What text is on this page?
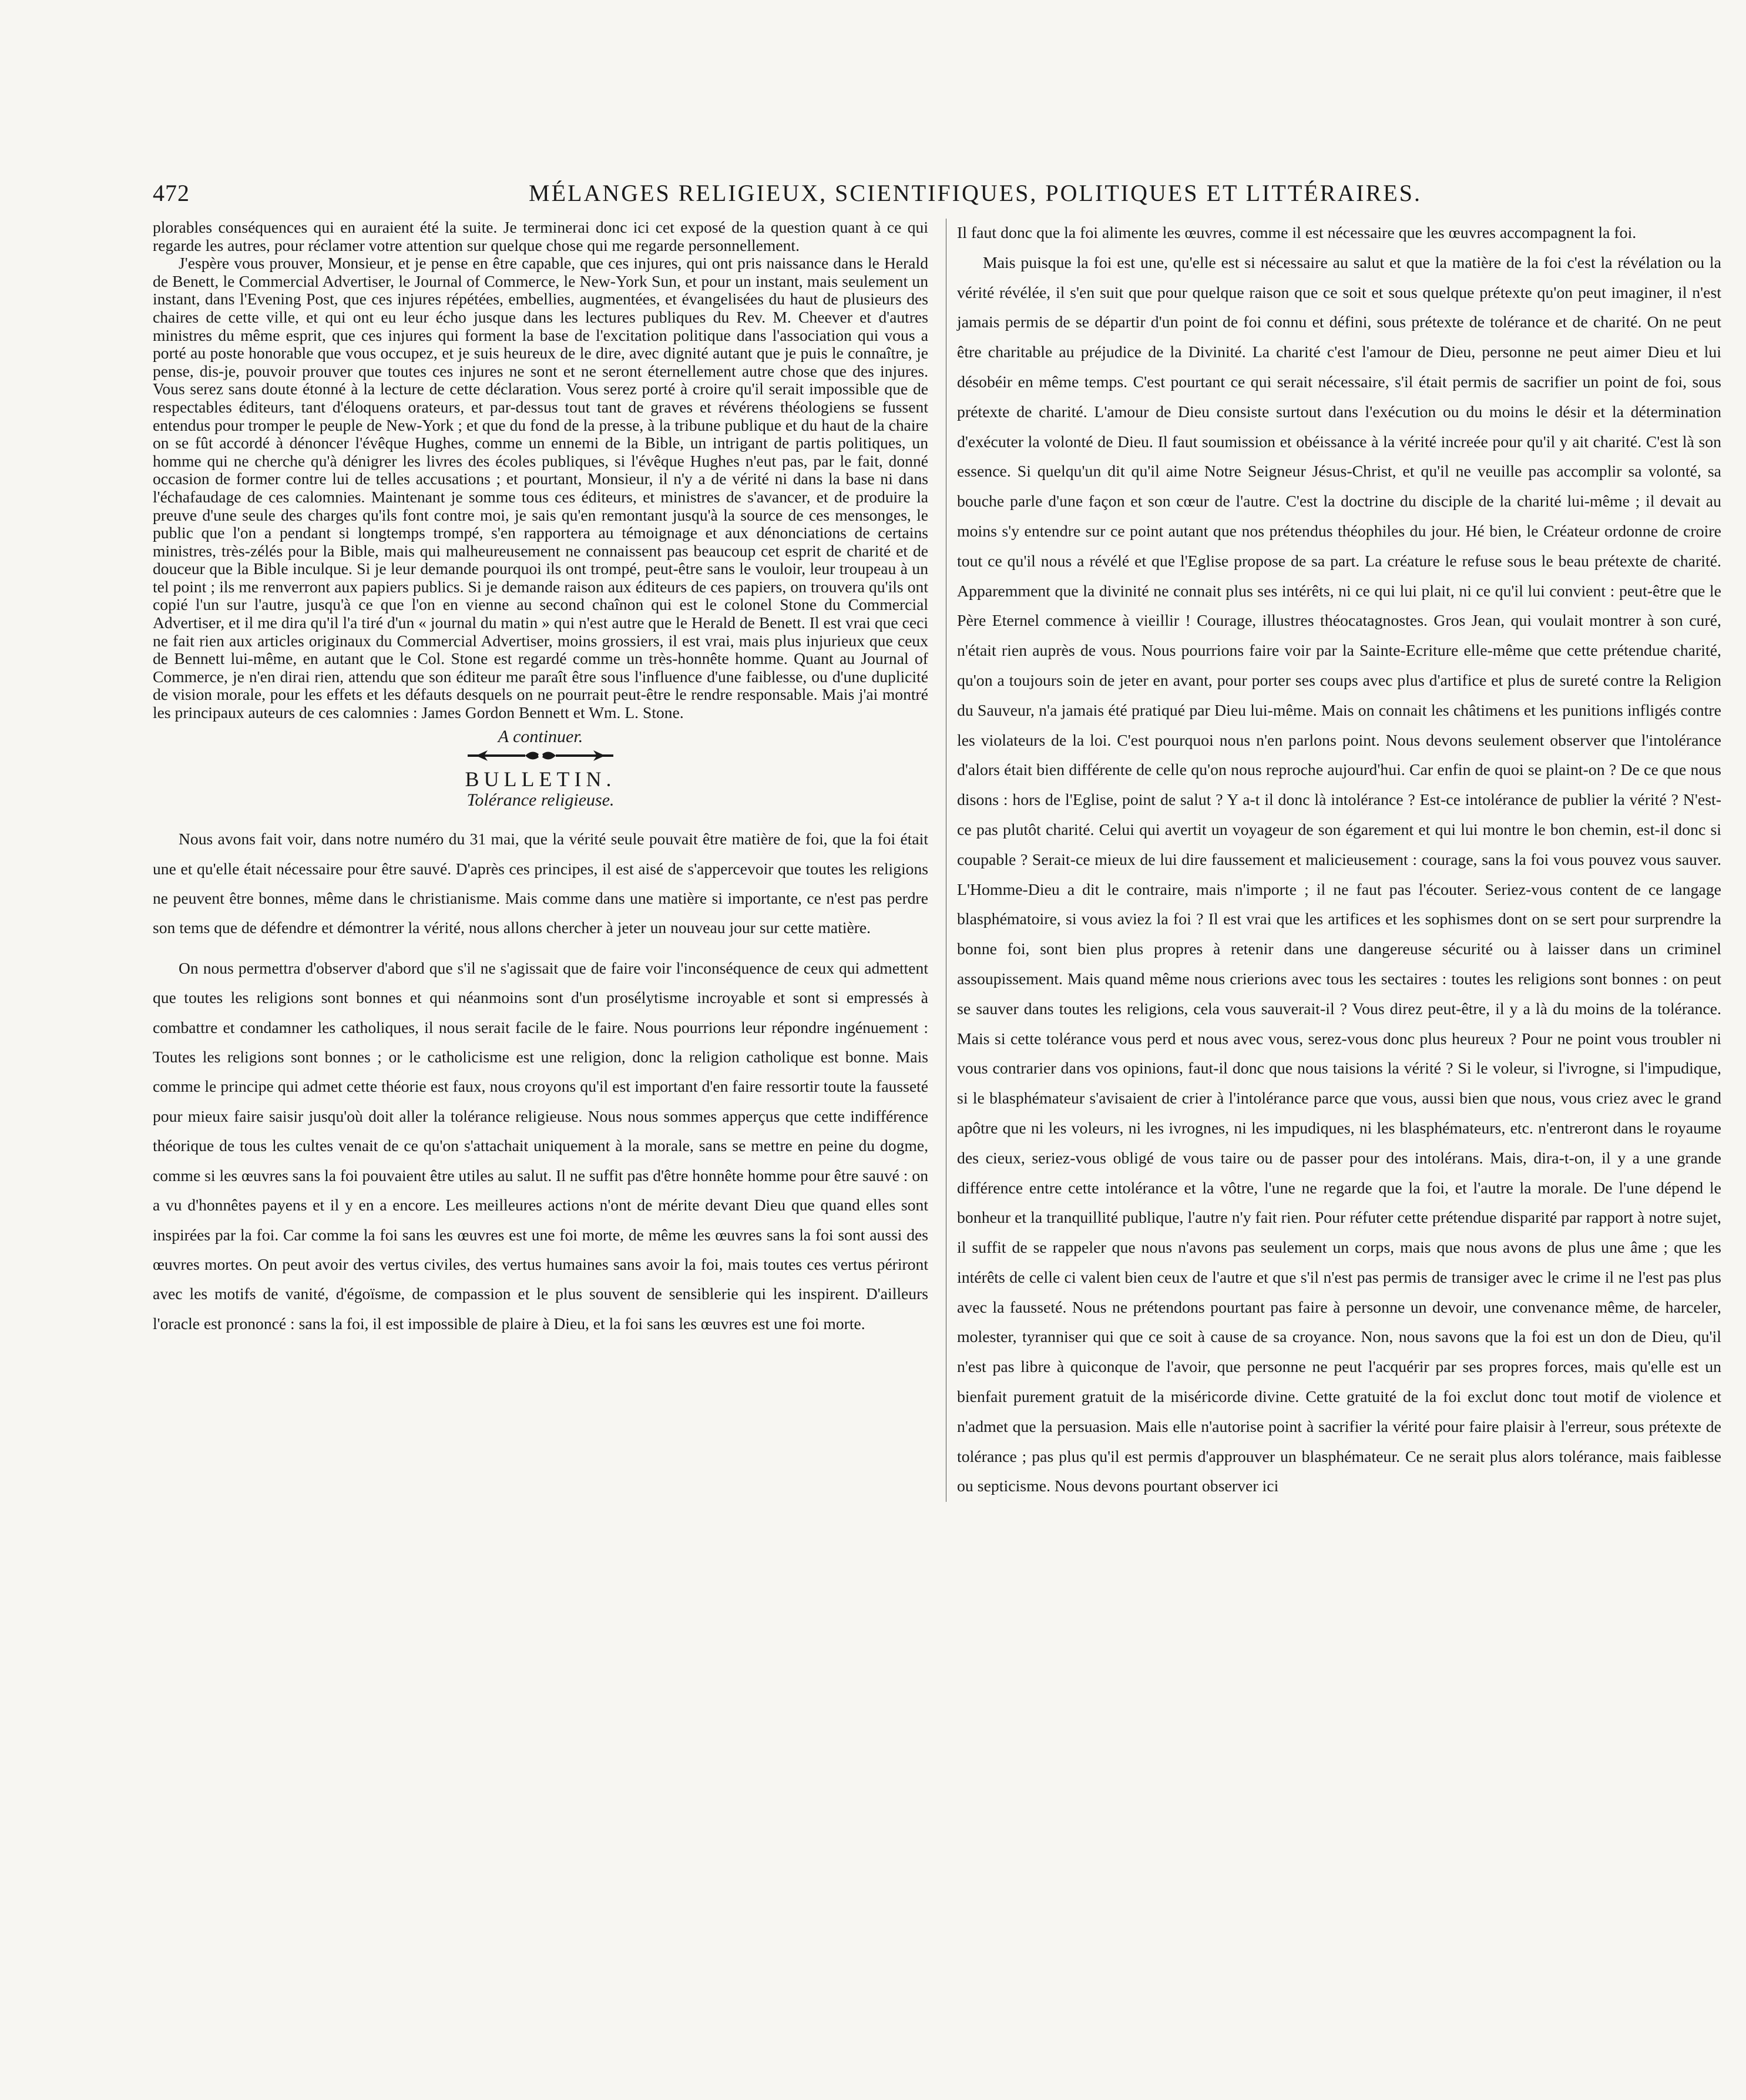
472	MÉLANGES RELIGIEUX, SCIENTIFIQUES, POLITIQUES ET LITTÉRAIRES.

plorables conséquences qui en auraient été la suite. Je terminerai donc ici cet exposé de la question quant à ce qui regarde les autres, pour réclamer votre attention sur quelque chose qui me regarde personnellement.

J'espère vous prouver, Monsieur, et je pense en être capable, que ces injures, qui ont pris naissance dans le Herald de Benett, le Commercial Advertiser, le Journal of Commerce, le New-York Sun, et pour un instant, mais seulement un instant, dans l'Evening Post, que ces injures répétées, embellies, augmentées, et évangelisées du haut de plusieurs des chaires de cette ville, et qui ont eu leur écho jusque dans les lectures publiques du Rev. M. Cheever et d'autres ministres du même esprit, que ces injures qui forment la base de l'excitation politique dans l'association qui vous a porté au poste honorable que vous occupez, et je suis heureux de le dire, avec dignité autant que je puis le connaître, je pense, dis-je, pouvoir prouver que toutes ces injures ne sont et ne seront éternellement autre chose que des injures. Vous serez sans doute étonné à la lecture de cette déclaration. Vous serez porté à croire qu'il serait impossible que de respectables éditeurs, tant d'éloquens orateurs, et par-dessus tout tant de graves et révérens théologiens se fussent entendus pour tromper le peuple de New-York ; et que du fond de la presse, à la tribune publique et du haut de la chaire on se fût accordé à dénoncer l'évêque Hughes, comme un ennemi de la Bible, un intrigant de partis politiques, un homme qui ne cherche qu'à dénigrer les livres des écoles publiques, si l'évêque Hughes n'eut pas, par le fait, donné occasion de former contre lui de telles accusations ; et pourtant, Monsieur, il n'y a de vérité ni dans la base ni dans l'échafaudage de ces calomnies. Maintenant je somme tous ces éditeurs, et ministres de s'avancer, et de produire la preuve d'une seule des charges qu'ils font contre moi, je sais qu'en remontant jusqu'à la source de ces mensonges, le public que l'on a pendant si longtemps trompé, s'en rapportera au témoignage et aux dénonciations de certains ministres, très-zélés pour la Bible, mais qui malheureusement ne connaissent pas beaucoup cet esprit de charité et de douceur que la Bible inculque. Si je leur demande pourquoi ils ont trompé, peut-être sans le vouloir, leur troupeau à un tel point ; ils me renverront aux papiers publics. Si je demande raison aux éditeurs de ces papiers, on trouvera qu'ils ont copié l'un sur l'autre, jusqu'à ce que l'on en vienne au second chaînon qui est le colonel Stone du Commercial Advertiser, et il me dira qu'il l'a tiré d'un « journal du matin » qui n'est autre que le Herald de Benett. Il est vrai que ceci ne fait rien aux articles originaux du Commercial Advertiser, moins grossiers, il est vrai, mais plus injurieux que ceux de Bennett lui-même, en autant que le Col. Stone est regardé comme un très-honnête homme. Quant au Journal of Commerce, je n'en dirai rien, attendu que son éditeur me paraît être sous l'influence d'une faiblesse, ou d'une duplicité de vision morale, pour les effets et les défauts desquels on ne pourrait peut-être le rendre responsable. Mais j'ai montré les principaux auteurs de ces calomnies : James Gordon Bennett et Wm. L. Stone.

A continuer.
BULLETIN.
Tolérance religieuse.

Nous avons fait voir, dans notre numéro du 31 mai, que la vérité seule pouvait être matière de foi, que la foi était une et qu'elle était nécessaire pour être sauvé. D'après ces principes, il est aisé de s'appercevoir que toutes les religions ne peuvent être bonnes, même dans le christianisme. Mais comme dans une matière si importante, ce n'est pas perdre son tems que de défendre et démontrer la vérité, nous allons chercher à jeter un nouveau jour sur cette matière.

On nous permettra d'observer d'abord que s'il ne s'agissait que de faire voir l'inconséquence de ceux qui admettent que toutes les religions sont bonnes et qui néanmoins sont d'un prosélytisme incroyable et sont si empressés à combattre et condamner les catholiques, il nous serait facile de le faire. Nous pourrions leur répondre ingénuement : Toutes les religions sont bonnes ; or le catholicisme est une religion, donc la religion catholique est bonne. Mais comme le principe qui admet cette théorie est faux, nous croyons qu'il est important d'en faire ressortir toute la fausseté pour mieux faire saisir jusqu'où doit aller la tolérance religieuse. Nous nous sommes apperçus que cette indifférence théorique de tous les cultes venait de ce qu'on s'attachait uniquement à la morale, sans se mettre en peine du dogme, comme si les œuvres sans la foi pouvaient être utiles au salut. Il ne suffit pas d'être honnête homme pour être sauvé : on a vu d'honnêtes payens et il y en a encore. Les meilleures actions n'ont de mérite devant Dieu que quand elles sont inspirées par la foi. Car comme la foi sans les œuvres est une foi morte, de même les œuvres sans la foi sont aussi des œuvres mortes. On peut avoir des vertus civiles, des vertus humaines sans avoir la foi, mais toutes ces vertus périront avec les motifs de vanité, d'égoïsme, de compassion et le plus souvent de sensiblerie qui les inspirent. D'ailleurs l'oracle est prononcé : sans la foi, il est impossible de plaire à Dieu, et la foi sans les œuvres est une foi morte.

Il faut donc que la foi alimente les œuvres, comme il est nécessaire que les œuvres accompagnent la foi.

Mais puisque la foi est une, qu'elle est si nécessaire au salut et que la matière de la foi c'est la révélation ou la vérité révélée, il s'en suit que pour quelque raison que ce soit et sous quelque prétexte qu'on peut imaginer, il n'est jamais permis de se départir d'un point de foi connu et défini, sous prétexte de tolérance et de charité. On ne peut être charitable au préjudice de la Divinité. La charité c'est l'amour de Dieu, personne ne peut aimer Dieu et lui désobéir en même temps. C'est pourtant ce qui serait nécessaire, s'il était permis de sacrifier un point de foi, sous prétexte de charité. L'amour de Dieu consiste surtout dans l'exécution ou du moins le désir et la détermination d'exécuter la volonté de Dieu. Il faut soumission et obéissance à la vérité increée pour qu'il y ait charité. C'est là son essence. Si quelqu'un dit qu'il aime Notre Seigneur Jésus-Christ, et qu'il ne veuille pas accomplir sa volonté, sa bouche parle d'une façon et son cœur de l'autre. C'est la doctrine du disciple de la charité lui-même ; il devait au moins s'y entendre sur ce point autant que nos prétendus théophiles du jour. Hé bien, le Créateur ordonne de croire tout ce qu'il nous a révélé et que l'Eglise propose de sa part. La créature le refuse sous le beau prétexte de charité. Apparemment que la divinité ne connait plus ses intérêts, ni ce qui lui plait, ni ce qu'il lui convient : peut-être que le Père Eternel commence à vieillir ! Courage, illustres théocatagnostes. Gros Jean, qui voulait montrer à son curé, n'était rien auprès de vous. Nous pourrions faire voir par la Sainte-Ecriture elle-même que cette prétendue charité, qu'on a toujours soin de jeter en avant, pour porter ses coups avec plus d'artifice et plus de sureté contre la Religion du Sauveur, n'a jamais été pratiqué par Dieu lui-même. Mais on connait les châtimens et les punitions infligés contre les violateurs de la loi. C'est pourquoi nous n'en parlons point. Nous devons seulement observer que l'intolérance d'alors était bien différente de celle qu'on nous reproche aujourd'hui. Car enfin de quoi se plaint-on ? De ce que nous disons : hors de l'Eglise, point de salut ? Y a-t il donc là intolérance ? Est-ce intolérance de publier la vérité ? N'est-ce pas plutôt charité. Celui qui avertit un voyageur de son égarement et qui lui montre le bon chemin, est-il donc si coupable ? Serait-ce mieux de lui dire faussement et malicieusement : courage, sans la foi vous pouvez vous sauver. L'Homme-Dieu a dit le contraire, mais n'importe ; il ne faut pas l'écouter. Seriez-vous content de ce langage blasphématoire, si vous aviez la foi ? Il est vrai que les artifices et les sophismes dont on se sert pour surprendre la bonne foi, sont bien plus propres à retenir dans une dangereuse sécurité ou à laisser dans un criminel assoupissement. Mais quand même nous crierions avec tous les sectaires : toutes les religions sont bonnes : on peut se sauver dans toutes les religions, cela vous sauverait-il ? Vous direz peut-être, il y a là du moins de la tolérance. Mais si cette tolérance vous perd et nous avec vous, serez-vous donc plus heureux ? Pour ne point vous troubler ni vous contrarier dans vos opinions, faut-il donc que nous taisions la vérité ? Si le voleur, si l'ivrogne, si l'impudique, si le blasphémateur s'avisaient de crier à l'intolérance parce que vous, aussi bien que nous, vous criez avec le grand apôtre que ni les voleurs, ni les ivrognes, ni les impudiques, ni les blasphémateurs, etc. n'entreront dans le royaume des cieux, seriez-vous obligé de vous taire ou de passer pour des intolérans. Mais, dira-t-on, il y a une grande différence entre cette intolérance et la vôtre, l'une ne regarde que la foi, et l'autre la morale. De l'une dépend le bonheur et la tranquillité publique, l'autre n'y fait rien. Pour réfuter cette prétendue disparité par rapport à notre sujet, il suffit de se rappeler que nous n'avons pas seulement un corps, mais que nous avons de plus une âme ; que les intérêts de celle ci valent bien ceux de l'autre et que s'il n'est pas permis de transiger avec le crime il ne l'est pas plus avec la fausseté. Nous ne prétendons pourtant pas faire à personne un devoir, une convenance même, de harceler, molester, tyranniser qui que ce soit à cause de sa croyance. Non, nous savons que la foi est un don de Dieu, qu'il n'est pas libre à quiconque de l'avoir, que personne ne peut l'acquérir par ses propres forces, mais qu'elle est un bienfait purement gratuit de la miséricorde divine. Cette gratuité de la foi exclut donc tout motif de violence et n'admet que la persuasion. Mais elle n'autorise point à sacrifier la vérité pour faire plaisir à l'erreur, sous prétexte de tolérance ; pas plus qu'il est permis d'approuver un blasphémateur. Ce ne serait plus alors tolérance, mais faiblesse ou septicisme. Nous devons pourtant observer ici
